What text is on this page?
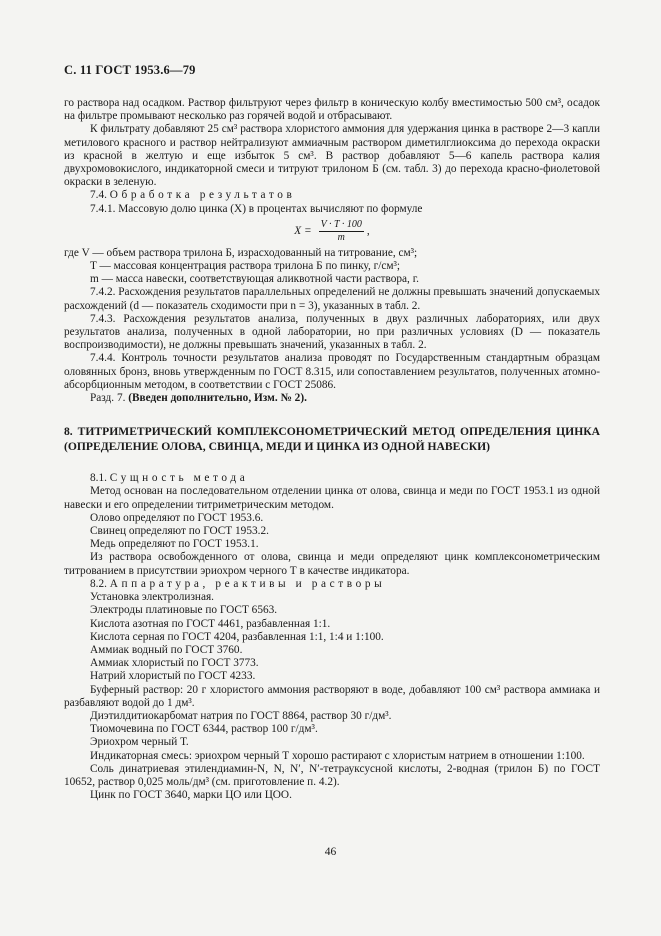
С. 11 ГОСТ 1953.6—79

го раствора над осадком. Раствор фильтруют через фильтр в коническую колбу вместимостью 500 см³, осадок на фильтре промывают несколько раз горячей водой и отбрасывают.

К фильтрату добавляют 25 см³ раствора хлористого аммония для удержания цинка в растворе 2—3 капли метилового красного и раствор нейтрализуют аммиачным раствором диметилглиоксима до перехода окраски из красной в желтую и еще избыток 5 см³. В раствор добавляют 5—6 капель раствора калия двухромовокислого, индикаторной смеси и титруют трилоном Б (см. табл. 3) до перехода красно-фиолетовой окраски в зеленую.

7.4. Обработка результатов

7.4.1. Массовую долю цинка (X) в процентах вычисляют по формуле

$X = \frac{V \cdot T \cdot 100}{m}$ ,

где V — объем раствора трилона Б, израсходованный на титрование, см³;

T — массовая концентрация раствора трилона Б по пинку, г/см³;

m — масса навески, соответствующая аликвотной части раствора, г.

7.4.2. Расхождения результатов параллельных определений не должны превышать значений допускаемых расхождений (d — показатель сходимости при n = 3), указанных в табл. 2.

7.4.3. Расхождения результатов анализа, полученных в двух различных лабораториях, или двух результатов анализа, полученных в одной лаборатории, но при различных условиях (D — показатель воспроизводимости), не должны превышать значений, указанных в табл. 2.

7.4.4. Контроль точности результатов анализа проводят по Государственным стандартным образцам оловянных бронз, вновь утвержденным по ГОСТ 8.315, или сопоставлением результатов, полученных атомно-абсорбционным методом, в соответствии с ГОСТ 25086.

Разд. 7. (Введен дополнительно, Изм. № 2).

8. ТИТРИМЕТРИЧЕСКИЙ КОМПЛЕКСОНОМЕТРИЧЕСКИЙ МЕТОД ОПРЕДЕЛЕНИЯ ЦИНКА (ОПРЕДЕЛЕНИЕ ОЛОВА, СВИНЦА, МЕДИ И ЦИНКА ИЗ ОДНОЙ НАВЕСКИ)

8.1. Сущность метода

Метод основан на последовательном отделении цинка от олова, свинца и меди по ГОСТ 1953.1 из одной навески и его определении титриметрическим методом.

Олово определяют по ГОСТ 1953.6.

Свинец определяют по ГОСТ 1953.2.

Медь определяют по ГОСТ 1953.1.

Из раствора освобожденного от олова, свинца и меди определяют цинк комплексонометрическим титрованием в присутствии эриохром черного Т в качестве индикатора.

8.2. Аппаратура, реактивы и растворы

Установка электролизная.

Электроды платиновые по ГОСТ 6563.

Кислота азотная по ГОСТ 4461, разбавленная 1:1.

Кислота серная по ГОСТ 4204, разбавленная 1:1, 1:4 и 1:100.

Аммиак водный по ГОСТ 3760.

Аммиак хлористый по ГОСТ 3773.

Натрий хлористый по ГОСТ 4233.

Буферный раствор: 20 г хлористого аммония растворяют в воде, добавляют 100 см³ раствора аммиака и разбавляют водой до 1 дм³.

Диэтилдитиокарбомат натрия по ГОСТ 8864, раствор 30 г/дм³.

Тиомочевина по ГОСТ 6344, раствор 100 г/дм³.

Эриохром черный Т.

Индикаторная смесь: эриохром черный Т хорошо растирают с хлористым натрием в отношении 1:100.

Соль динатриевая этилендиамин-N, N, N′, N′-тетрауксусной кислоты, 2-водная (трилон Б) по ГОСТ 10652, раствор 0,025 моль/дм³ (см. приготовление п. 4.2).

Цинк по ГОСТ 3640, марки ЦО или ЦОО.

46
